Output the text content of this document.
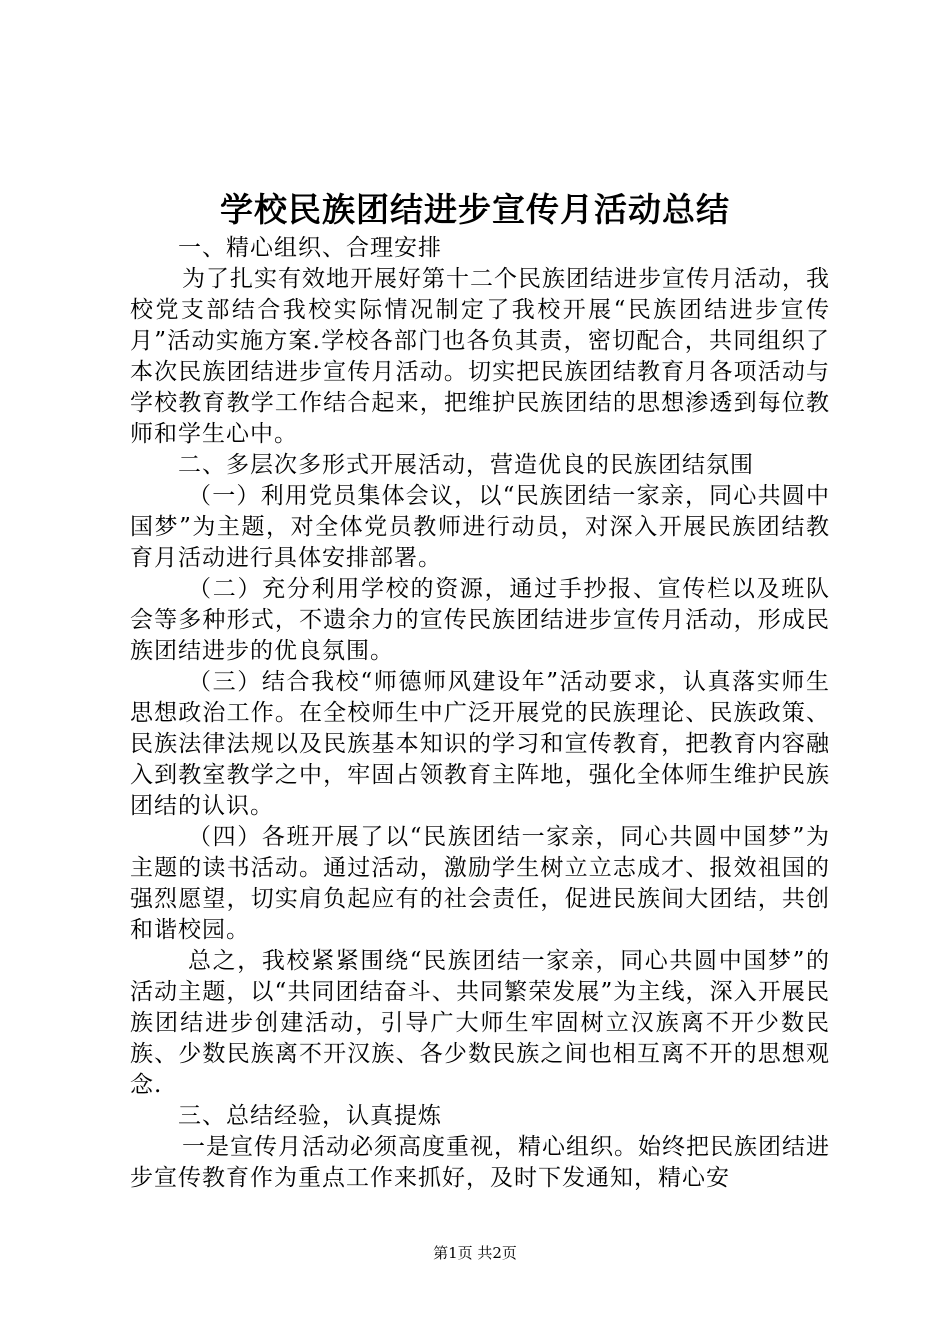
学校民族团结进步宣传月活动总结

一、精心组织、合理安排

为了扎实有效地开展好第十二个民族团结进步宣传月活动，我校党支部结合我校实际情况制定了我校开展“民族团结进步宣传月”活动实施方案.学校各部门也各负其责，密切配合，共同组织了本次民族团结进步宣传月活动。切实把民族团结教育月各项活动与学校教育教学工作结合起来，把维护民族团结的思想渗透到每位教师和学生心中。

二、多层次多形式开展活动，营造优良的民族团结氛围

（一）利用党员集体会议，以“民族团结一家亲，同心共圆中国梦”为主题，对全体党员教师进行动员，对深入开展民族团结教育月活动进行具体安排部署。

（二）充分利用学校的资源，通过手抄报、宣传栏以及班队会等多种形式，不遗余力的宣传民族团结进步宣传月活动，形成民族团结进步的优良氛围。

（三）结合我校“师德师风建设年”活动要求，认真落实师生思想政治工作。在全校师生中广泛开展党的民族理论、民族政策、民族法律法规以及民族基本知识的学习和宣传教育，把教育内容融入到教室教学之中，牢固占领教育主阵地，强化全体师生维护民族团结的认识。

（四）各班开展了以“民族团结一家亲，同心共圆中国梦”为主题的读书活动。通过活动，激励学生树立立志成才、报效祖国的强烈愿望，切实肩负起应有的社会责任，促进民族间大团结，共创和谐校园。

总之，我校紧紧围绕“民族团结一家亲，同心共圆中国梦”的活动主题，以“共同团结奋斗、共同繁荣发展”为主线，深入开展民族团结进步创建活动，引导广大师生牢固树立汉族离不开少数民族、少数民族离不开汉族、各少数民族之间也相互离不开的思想观念.

三、总结经验，认真提炼

一是宣传月活动必须高度重视，精心组织。始终把民族团结进步宣传教育作为重点工作来抓好，及时下发通知，精心安

第1页 共2页
